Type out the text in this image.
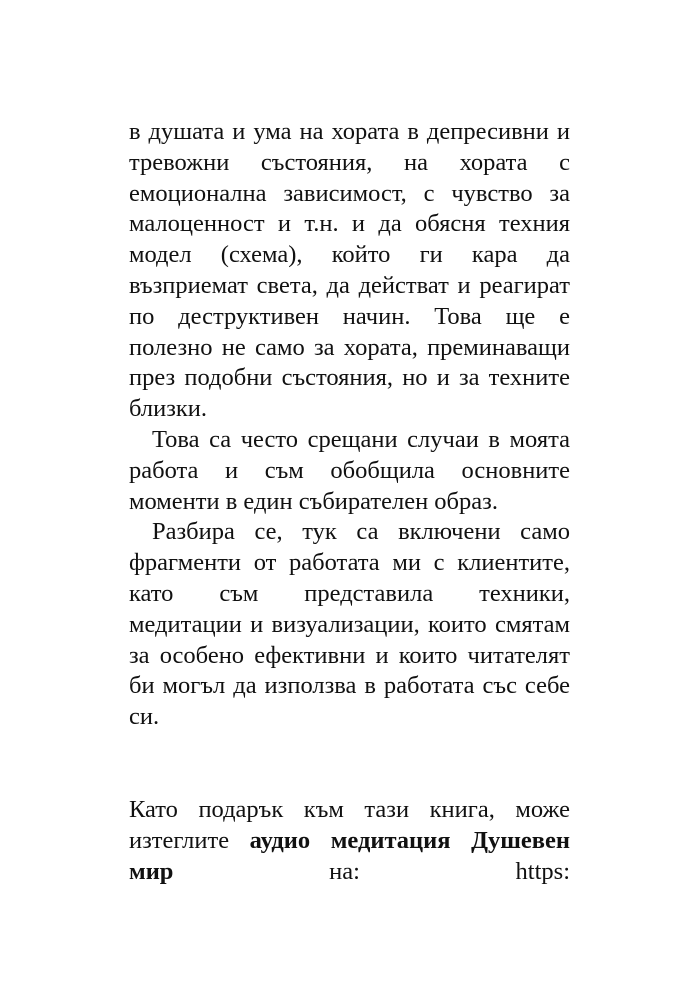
в душата и ума на хората в депресивни и
тревожни състояния, на хората с
емоционална зависимост, с чувство за
малоценност и т.н. и да обясня техния
модел (схема), който ги кара да
възприемат света, да действат и реагират
по деструктивен начин. Това ще е
полезно не само за хората, преминаващи
през подобни състояния, но и за техните
близки.

Това са често срещани случаи в моята
работа и съм обобщила основните
моменти в един събирателен образ.

Разбира се, тук са включени само
фрагменти от работата ми с клиентите,
като съм представила техники,
медитации и визуализации, които смятам
за особено ефективни и които читателят
би могъл да използва в работата със себе
си.

Като подарък към тази книга, може
изтеглите аудио медитация Душевен
мир	на:	https:
